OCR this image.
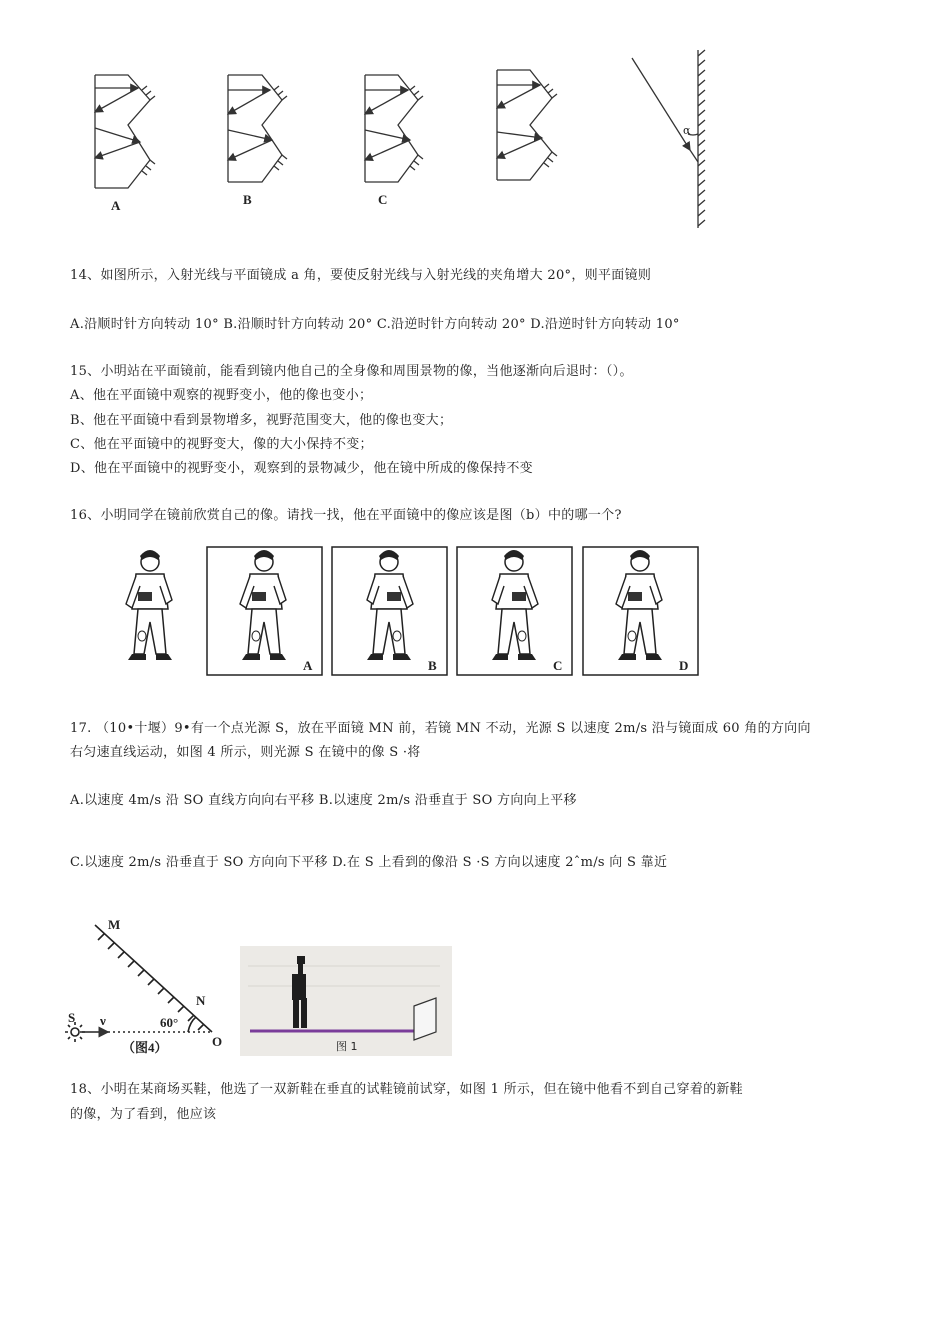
A	B	C
α
14、如图所示，入射光线与平面镜成 a 角，要使反射光线与入射光线的夹角增大 20°，则平面镜则
A.沿顺时针方向转动 10° B.沿顺时针方向转动 20° C.沿逆时针方向转动 20° D.沿逆时针方向转动 10°
15、小明站在平面镜前，能看到镜内他自己的全身像和周围景物的像，当他逐渐向后退时：（）。
A、他在平面镜中观察的视野变小，他的像也变小；
B、他在平面镜中看到景物增多，视野范围变大，他的像也变大；
C、他在平面镜中的视野变大，像的大小保持不变；
D、他在平面镜中的视野变小，观察到的景物减少，他在镜中所成的像保持不变
16、小明同学在镜前欣赏自己的像。请找一找，他在平面镜中的像应该是图（b）中的哪一个?
A	B	C	D
17. （10•十堰）9•有一个点光源 S，放在平面镜 MN 前，若镜 MN 不动，光源 S 以速度 2m/s 沿与镜面成 60 角的方向向
右匀速直线运动，如图 4 所示，则光源 S 在镜中的像 S ·将
A.以速度 4m/s 沿 SO 直线方向向右平移 B.以速度 2m/s 沿垂直于 SO 方向向上平移
C.以速度 2m/s 沿垂直于 SO 方向向下平移 D.在 S 上看到的像沿 S ·S 方向以速度 2ˆm/s 向 S 靠近
M
N
S ν	60°
O
（图4）	图 1
18、小明在某商场买鞋，他选了一双新鞋在垂直的试鞋镜前试穿，如图 1 所示，但在镜中他看不到自己穿着的新鞋
的像，为了看到，他应该
